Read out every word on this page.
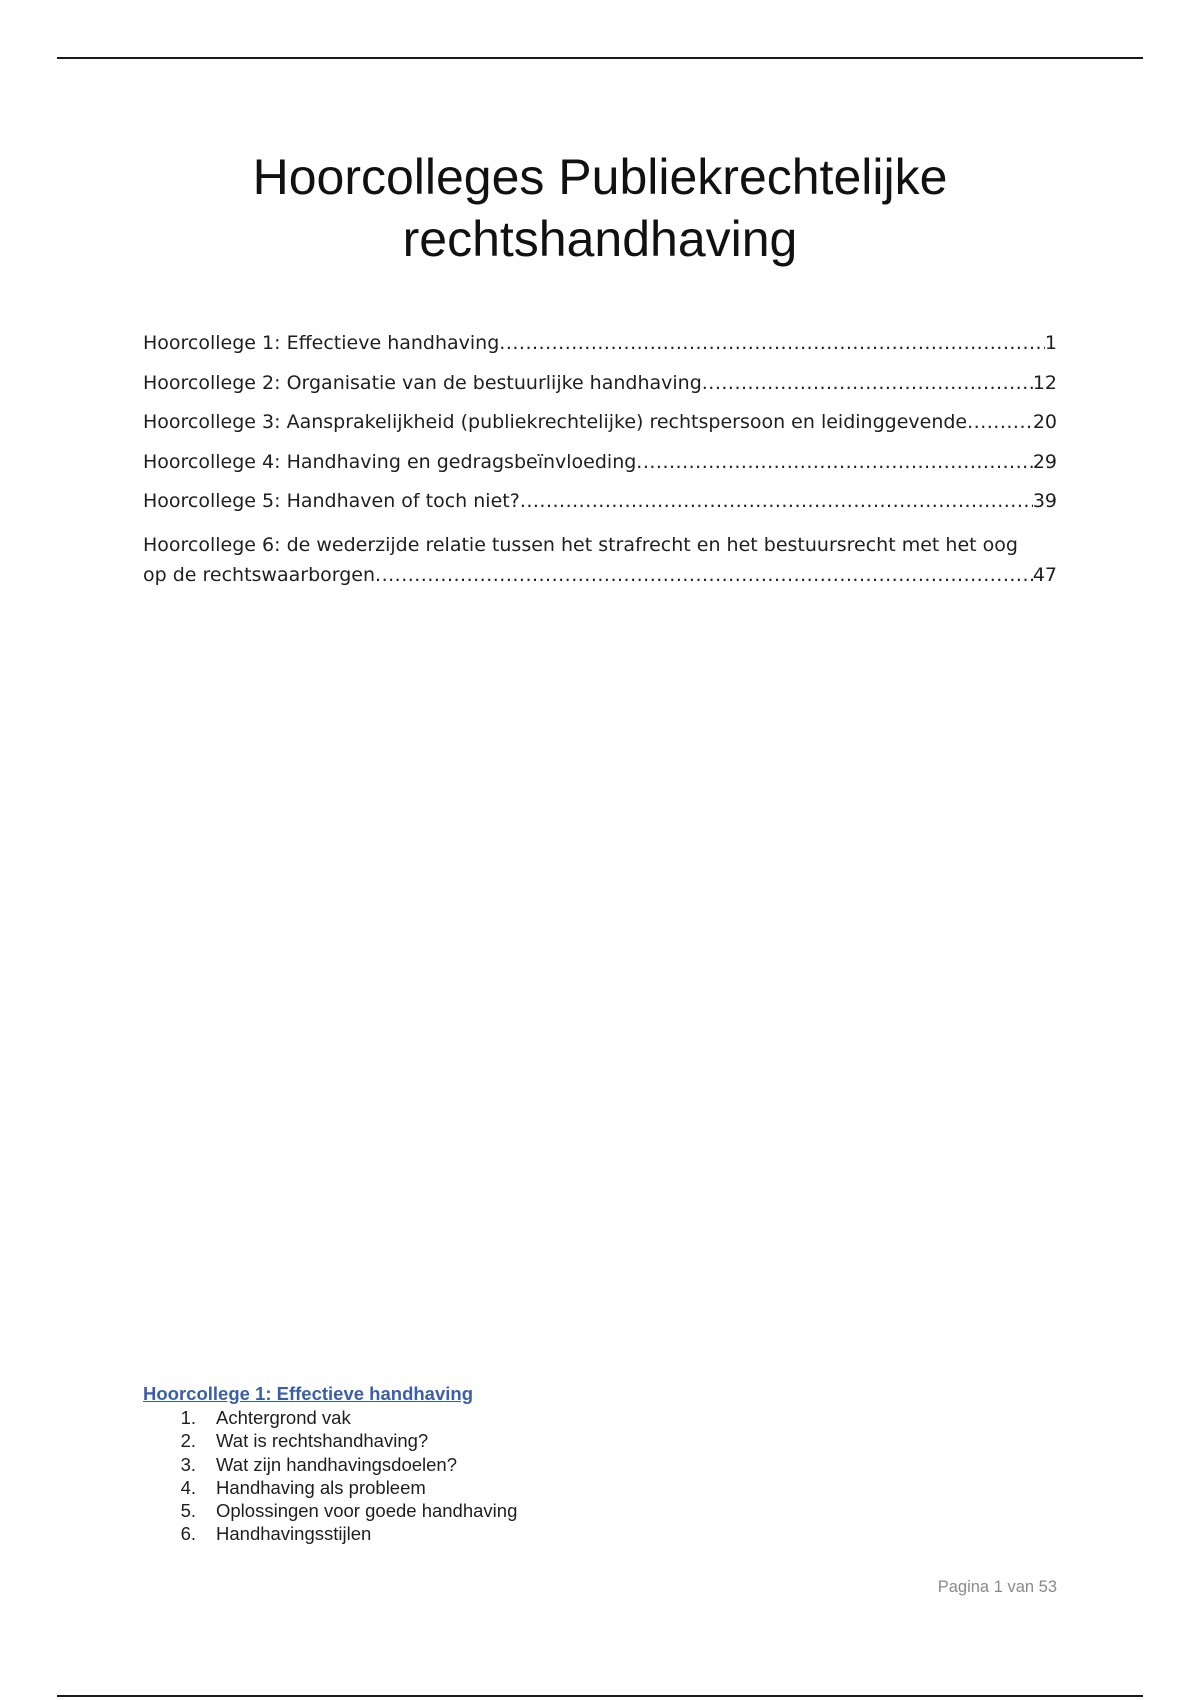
Hoorcolleges Publiekrechtelijke
rechtshandhaving
Hoorcollege 1: Effectieve handhaving .....	1
Hoorcollege 2: Organisatie van de bestuurlijke handhaving .....	12
Hoorcollege 3: Aansprakelijkheid (publiekrechtelijke) rechtspersoon en leidinggevende .....	20
Hoorcollege 4: Handhaving en gedragsbeïnvloeding .....	29
Hoorcollege 5: Handhaven of toch niet? .....	39
Hoorcollege 6: de wederzijde relatie tussen het strafrecht en het bestuursrecht met het oog
op de rechtswaarborgen .....	47
Hoorcollege 1: Effectieve handhaving
1.	Achtergrond vak
2.	Wat is rechtshandhaving?
3.	Wat zijn handhavingsdoelen?
4.	Handhaving als probleem
5.	Oplossingen voor goede handhaving
6.	Handhavingsstijlen
Pagina 1 van 53
